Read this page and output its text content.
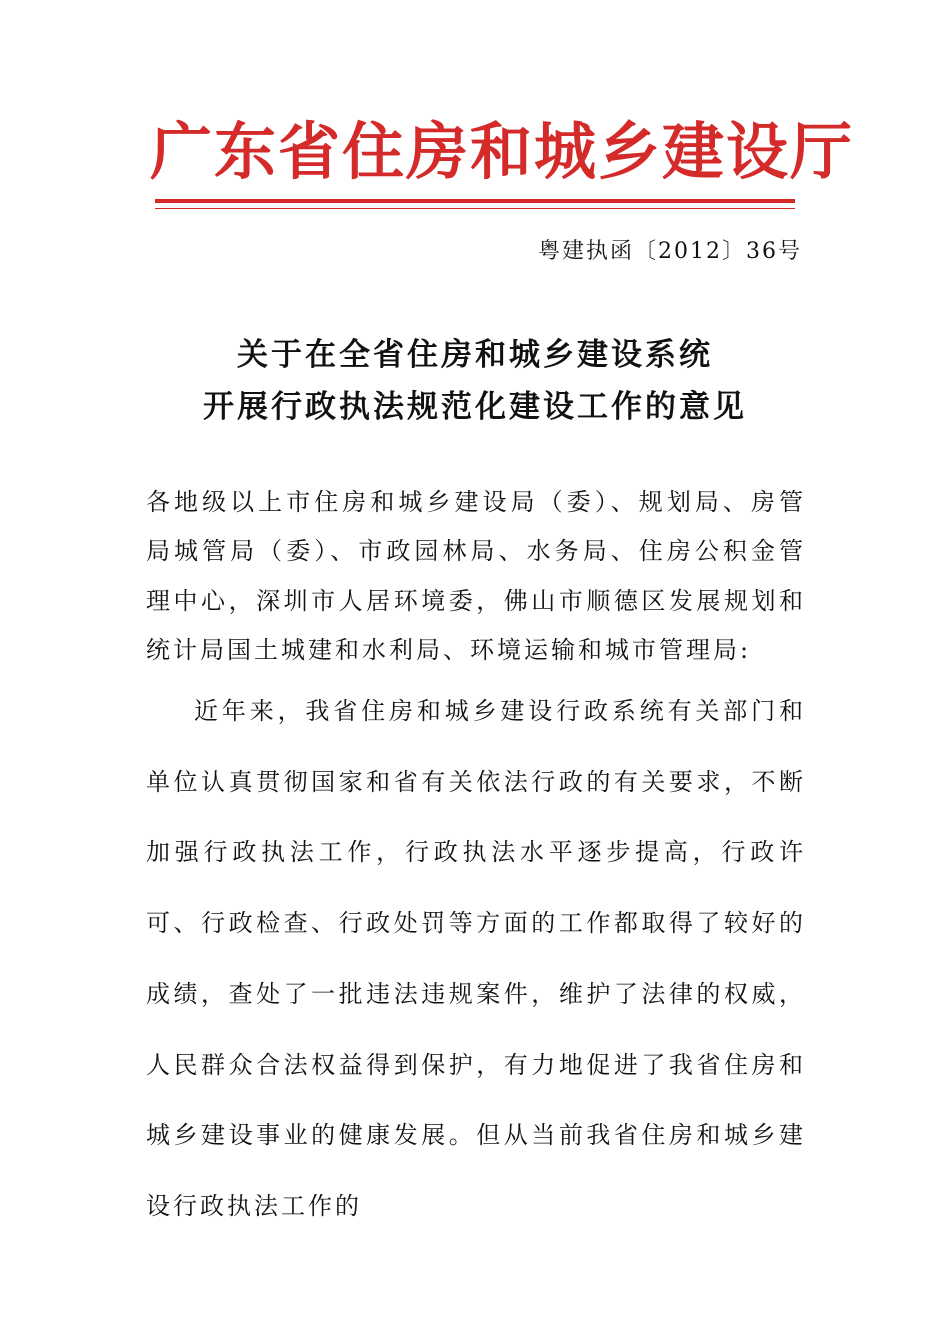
广东省住房和城乡建设厅
粤建执函〔2012〕36号
关于在全省住房和城乡建设系统
开展行政执法规范化建设工作的意见

各地级以上市住房和城乡建设局（委）、规划局、房管局城管局（委）、市政园林局、水务局、住房公积金管理中心，深圳市人居环境委，佛山市顺德区发展规划和统计局国土城建和水利局、环境运输和城市管理局:

近年来，我省住房和城乡建设行政系统有关部门和单位认真贯彻国家和省有关依法行政的有关要求，不断加强行政执法工作，行政执法水平逐步提高，行政许可、行政检查、行政处罚等方面的工作都取得了较好的成绩，查处了一批违法违规案件，维护了法律的权威，人民群众合法权益得到保护，有力地促进了我省住房和城乡建设事业的健康发展。但从当前我省住房和城乡建设行政执法工作的
